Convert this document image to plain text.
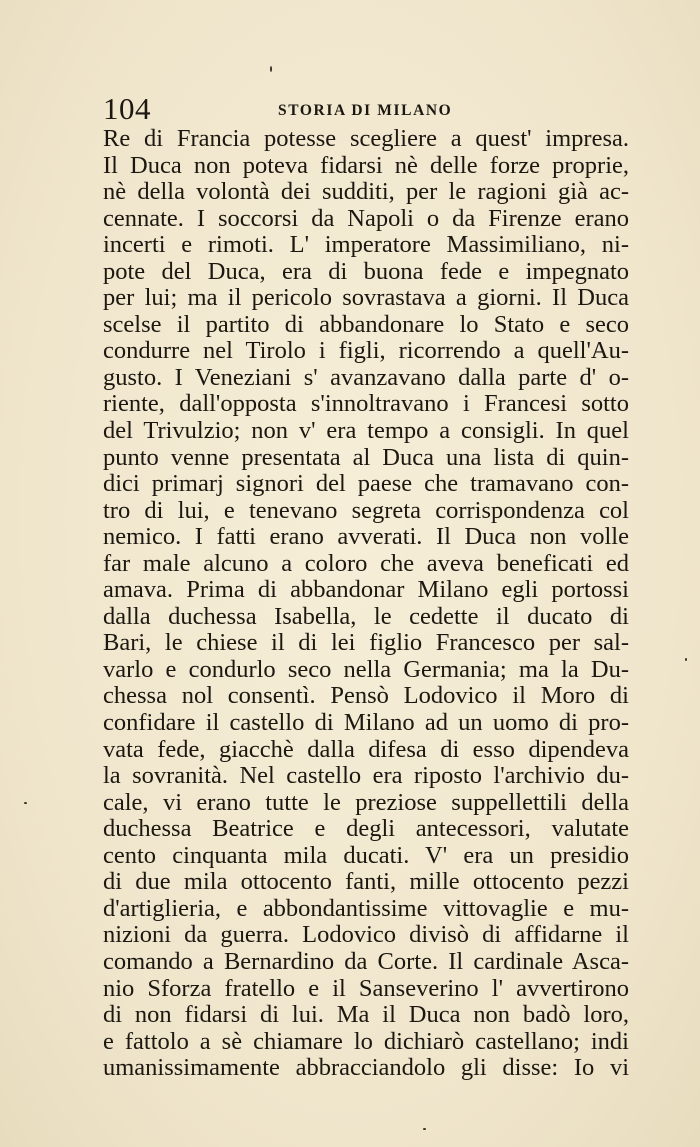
104	STORIA DI MILANO
Re di Francia potesse scegliere a quest' impresa.
Il Duca non poteva fidarsi nè delle forze proprie,
nè della volontà dei sudditi, per le ragioni già ac-
cennate. I soccorsi da Napoli o da Firenze erano
incerti e rimoti. L' imperatore Massimiliano, ni-
pote del Duca, era di buona fede e impegnato
per lui; ma il pericolo sovrastava a giorni. Il Duca
scelse il partito di abbandonare lo Stato e seco
condurre nel Tirolo i figli, ricorrendo a quell'Au-
gusto. I Veneziani s' avanzavano dalla parte d' o-
riente, dall'opposta s'innoltravano i Francesi sotto
del Trivulzio; non v' era tempo a consigli. In quel
punto venne presentata al Duca una lista di quin-
dici primarj signori del paese che tramavano con-
tro di lui, e tenevano segreta corrispondenza col
nemico. I fatti erano avverati. Il Duca non volle
far male alcuno a coloro che aveva beneficati ed
amava. Prima di abbandonar Milano egli portossi
dalla duchessa Isabella, le cedette il ducato di
Bari, le chiese il di lei figlio Francesco per sal-
varlo e condurlo seco nella Germania; ma la Du-
chessa nol consentì. Pensò Lodovico il Moro di
confidare il castello di Milano ad un uomo di pro-
vata fede, giacchè dalla difesa di esso dipendeva
la sovranità. Nel castello era riposto l'archivio du-
cale, vi erano tutte le preziose suppellettili della
duchessa Beatrice e degli antecessori, valutate
cento cinquanta mila ducati. V' era un presidio
di due mila ottocento fanti, mille ottocento pezzi
d'artiglieria, e abbondantissime vittovaglie e mu-
nizioni da guerra. Lodovico divisò di affidarne il
comando a Bernardino da Corte. Il cardinale Asca-
nio Sforza fratello e il Sanseverino l' avvertirono
di non fidarsi di lui. Ma il Duca non badò loro,
e fattolo a sè chiamare lo dichiarò castellano; indi
umanissimamente abbracciandolo gli disse: Io vi
